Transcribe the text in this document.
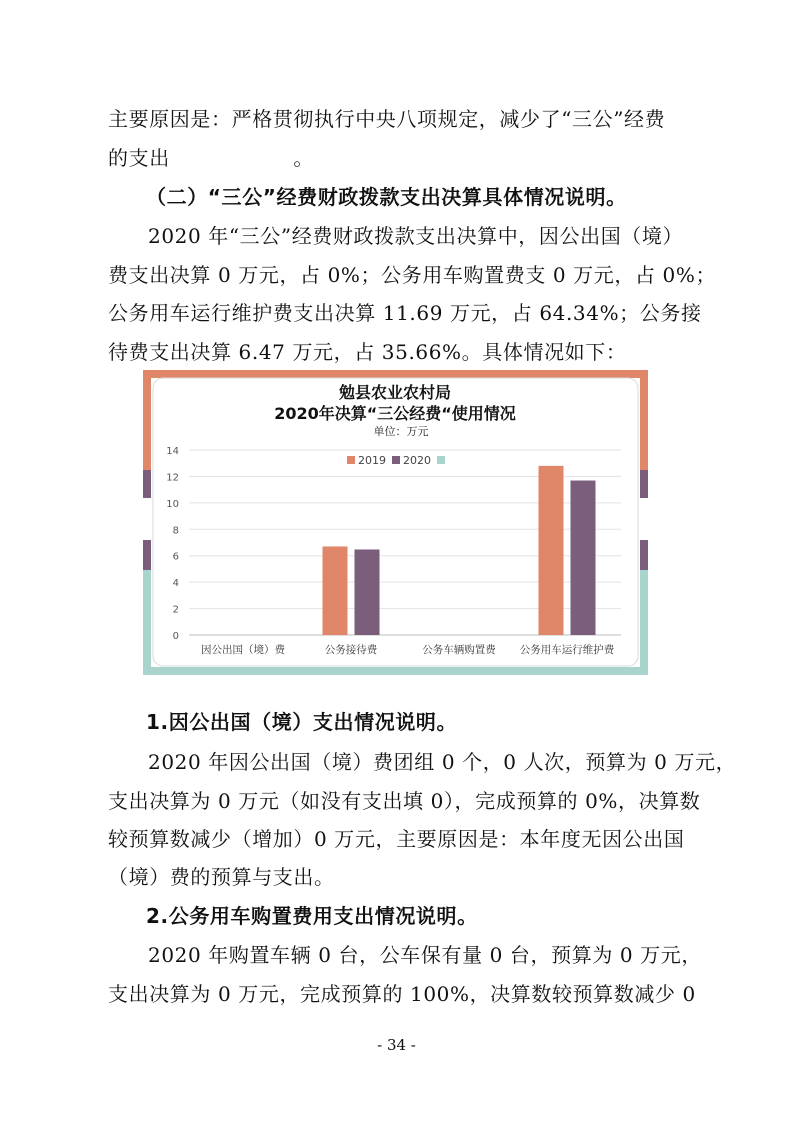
主要原因是：严格贯彻执行中央八项规定，减少了“三公”经费
的支出　　　　　　。
（二）“三公”经费财政拨款支出决算具体情况说明。
2020 年“三公”经费财政拨款支出决算中，因公出国（境）
费支出决算 0 万元，占 0%；公务用车购置费支 0 万元，占 0%；
公务用车运行维护费支出决算 11.69 万元，占 64.34%；公务接
待费支出决算 6.47 万元，占 35.66%。具体情况如下：
勉县农业农村局
2020年决算“三公经费“使用情况
单位：万元
0
2
4
6
8
10
12
14
2019 2020
因公出国（境）费	公务接待费	公务车辆购置费 公务用车运行维护费
1.因公出国（境）支出情况说明。
2020 年因公出国（境）费团组 0 个，0 人次，预算为 0 万元，
支出决算为 0 万元（如没有支出填 0），完成预算的 0%，决算数
较预算数减少（增加）0 万元，主要原因是：本年度无因公出国
（境）费的预算与支出。
2.公务用车购置费用支出情况说明。
2020 年购置车辆 0 台，公车保有量 0 台，预算为 0 万元，
支出决算为 0 万元，完成预算的 100%，决算数较预算数减少 0
- 34 -
